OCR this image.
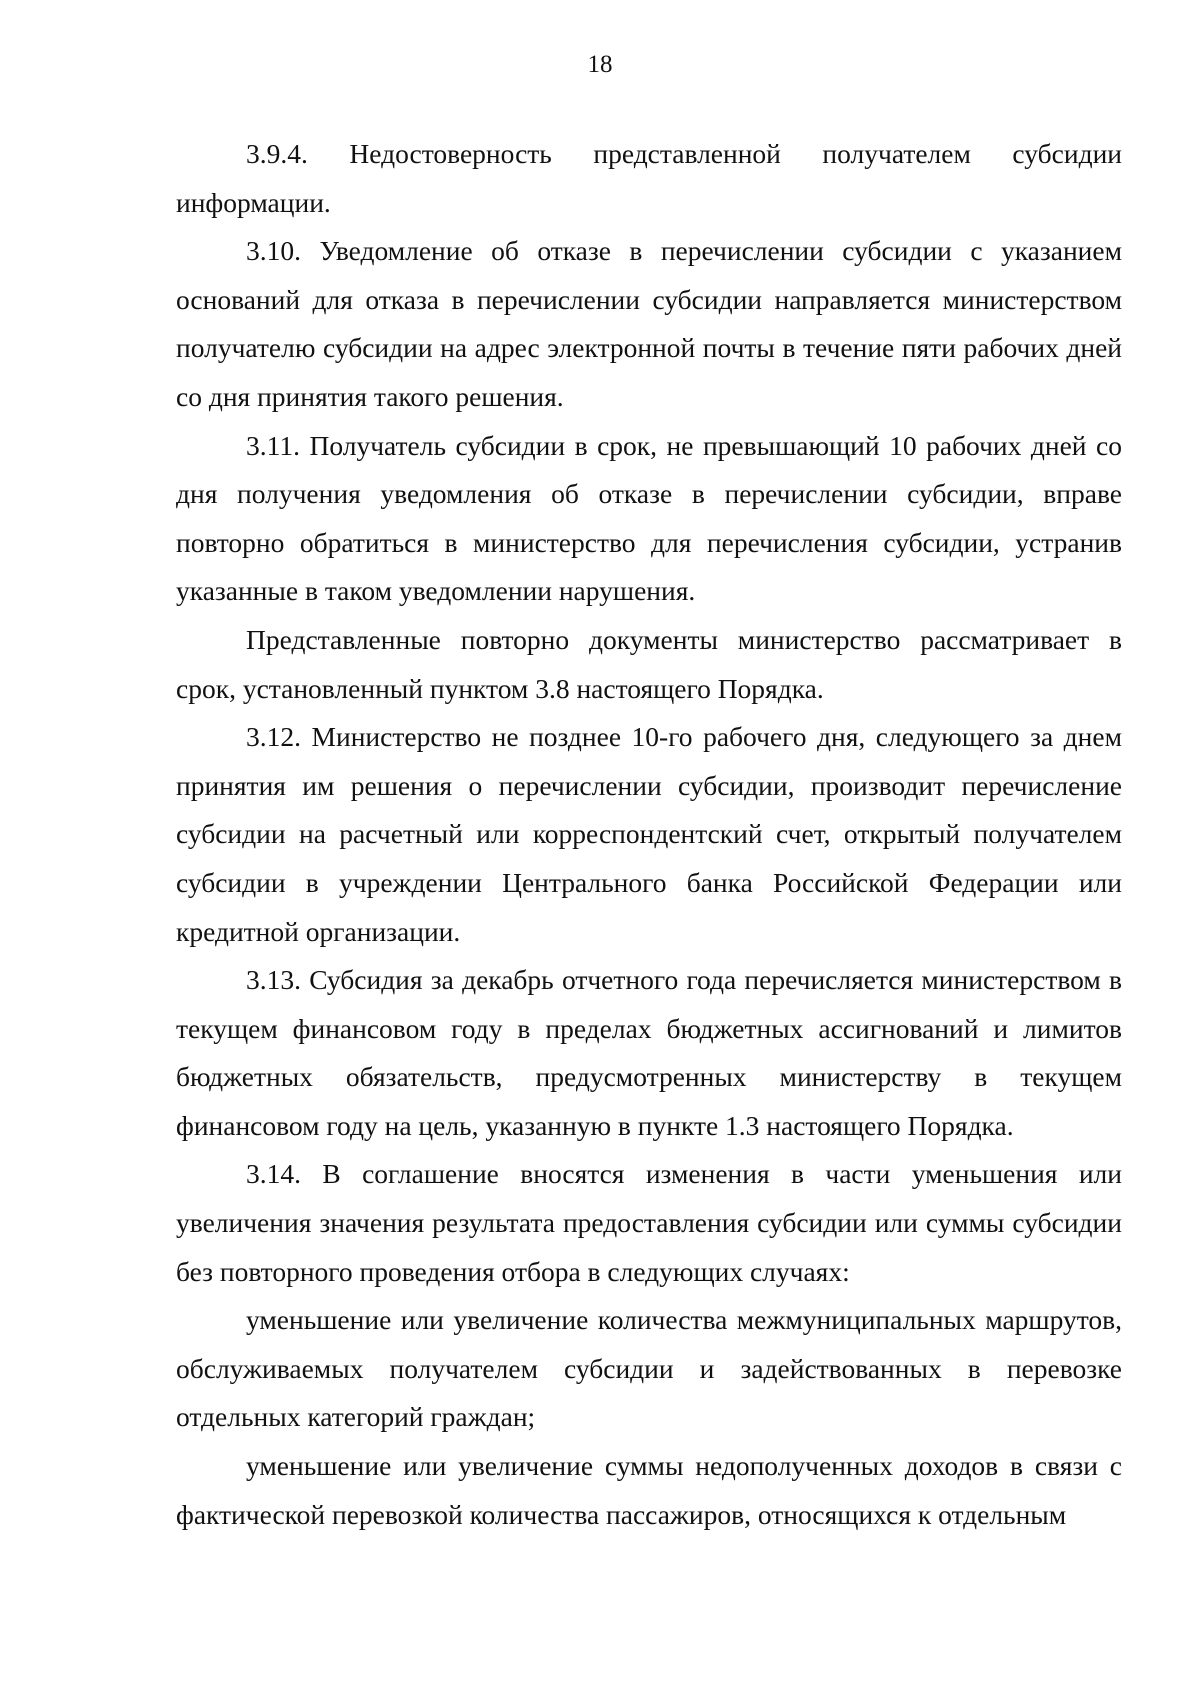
18

3.9.4. Недостоверность представленной получателем субсидии информации.

3.10. Уведомление об отказе в перечислении субсидии с указанием оснований для отказа в перечислении субсидии направляется министерством получателю субсидии на адрес электронной почты в течение пяти рабочих дней со дня принятия такого решения.

3.11. Получатель субсидии в срок, не превышающий 10 рабочих дней со дня получения уведомления об отказе в перечислении субсидии, вправе повторно обратиться в министерство для перечисления субсидии, устранив указанные в таком уведомлении нарушения.

Представленные повторно документы министерство рассматривает в срок, установленный пунктом 3.8 настоящего Порядка.

3.12. Министерство не позднее 10-го рабочего дня, следующего за днем принятия им решения о перечислении субсидии, производит перечисление субсидии на расчетный или корреспондентский счет, открытый получателем субсидии в учреждении Центрального банка Российской Федерации или кредитной организации.

3.13. Субсидия за декабрь отчетного года перечисляется министерством в текущем финансовом году в пределах бюджетных ассигнований и лимитов бюджетных обязательств, предусмотренных министерству в текущем финансовом году на цель, указанную в пункте 1.3 настоящего Порядка.

3.14. В соглашение вносятся изменения в части уменьшения или увеличения значения результата предоставления субсидии или суммы субсидии без повторного проведения отбора в следующих случаях:

уменьшение или увеличение количества межмуниципальных маршрутов, обслуживаемых получателем субсидии и задействованных в перевозке отдельных категорий граждан;

уменьшение или увеличение суммы недополученных доходов в связи с фактической перевозкой количества пассажиров, относящихся к отдельным
